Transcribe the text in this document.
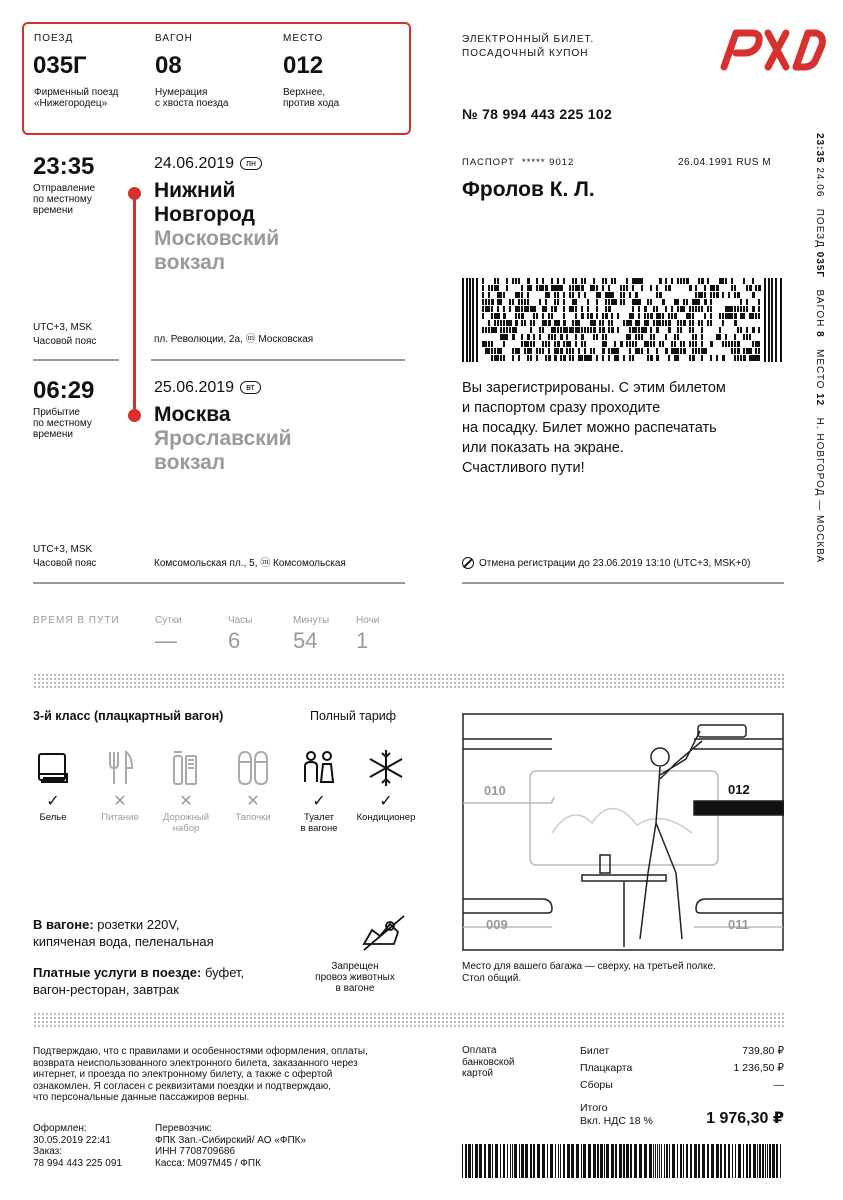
ПОЕЗД
035Г
Фирменный поезд
«Нижегородец»
ВАГОН
08
Нумерация
с хвоста поезда
МЕСТО
012
Верхнее,
против хода
ЭЛЕКТРОННЫЙ БИЛЕТ.
ПОСАДОЧНЫЙ КУПОН
№ 78 994 443 225 102
23:35
Отправление
по местному
времени
24.06.2019 пн
Нижний
Новгород
Московский
вокзал
UTC+3, MSK
Часовой пояс	пл. Революции, 2а, ⓜ Московская
06:29
Прибытие
по местному
времени
25.06.2019 вт
Москва
Ярославский
вокзал
UTC+3, MSK
Часовой пояс	Комсомольская пл., 5, ⓜ Комсомольская
ВРЕМЯ В ПУТИ	Сутки
—
Часы
6
Минуты
54
Ночи
1
ПАСПОРТ ***** 9012	26.04.1991 RUS M
Фролов К. Л.
Вы зарегистрированы. С этим билетом
и паспортом сразу проходите
на посадку. Билет можно распечатать
или показать на экране.
Счастливого пути!
Отмена регистрации до 23.06.2019 13:10 (UTC+3, MSK+0)
23:35 24.06   ПОЕЗД 035Г   ВАГОН 8   МЕСТО 12   Н. НОВГОРОД — МОСКВА
3-й класс (плацкартный вагон)	Полный тариф
✓
Белье
✕
Питание
✕
Дорожный
набор
✕
Тапочки
✓
Туалет
в вагоне
✓
Кондиционер
В вагоне: розетки 220V,
кипяченая вода, пеленальная
Платные услуги в поезде: буфет,
вагон-ресторан, завтрак
Запрещен
провоз животных
в вагоне
010	012
009	011
Место для вашего багажа — сверху, на третьей полке.
Стол общий.
Подтверждаю, что с правилами и особенностями оформления, оплаты,
возврата неиспользованного электронного билета, заказанного через
интернет, и проезда по электронному билету, а также с офертой
ознакомлен. Я согласен с реквизитами поездки и подтверждаю,
что персональные данные пассажиров верны.
Оформлен:
30.05.2019 22:41
Заказ:
78 994 443 225 091
Перевозчик:
ФПК Зап.-Сибирский/ АО «ФПК»
ИНН 7708709686
Касса: М097М45 / ФПК
Оплата
банковской
картой
Билет	739,80 ₽
Плацкарта	1 236,50 ₽
Сборы	—
Итого
Вкл. НДС 18 %	1 976,30 ₽
